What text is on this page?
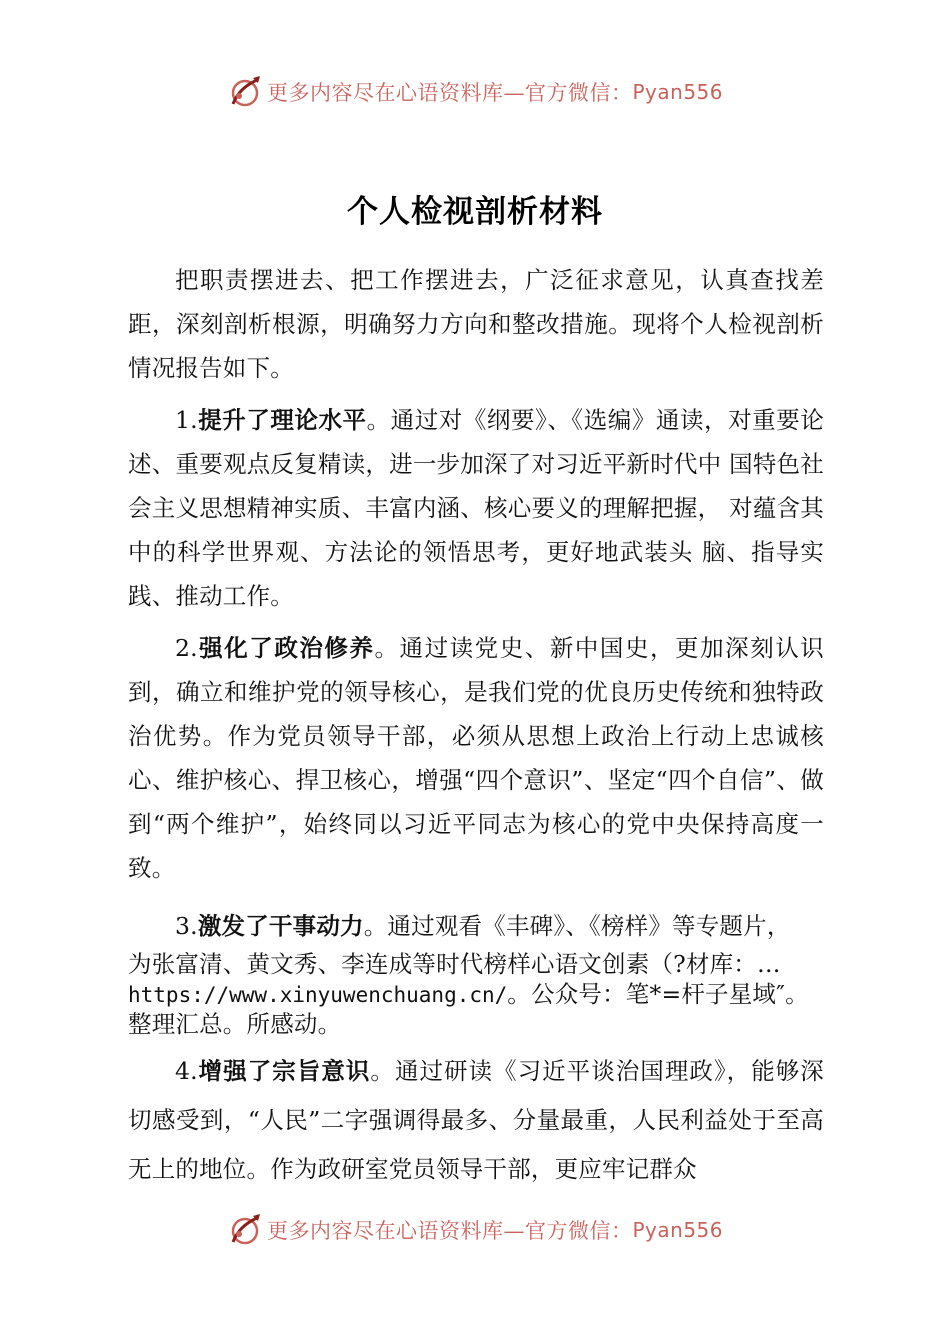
更多内容尽在心语资料库—官方微信： Pyan556
个人检视剖析材料

把职责摆进去、把工作摆进去，广泛征求意见，认真查找差距，深刻剖析根源，明确努力方向和整改措施。现将个人检视剖析情况报告如下。

1.提升了理论水平。通过对《纲要》、《选编》通读，对重要论述、重要观点反复精读，进一步加深了对习近平新时代中 国特色社会主义思想精神实质、丰富内涵、核心要义的理解把握， 对蕴含其中的科学世界观、方法论的领悟思考，更好地武装头 脑、指导实践、推动工作。

2.强化了政治修养。通过读党史、新中国史，更加深刻认识到，确立和维护党的领导核心，是我们党的优良历史传统和独特政治优势。作为党员领导干部，必须从思想上政治上行动上忠诚核心、维护核心、捍卫核心，增强“四个意识”、坚定“四个自信”、做到“两个维护”，始终同以习近平同志为核心的党中央保持高度一致。

3.激发了干事动力。通过观看《丰碑》、《榜样》等专题片，
为张富清、黄文秀、李连成等时代榜样心语文创素（?材库：…
https://www.xinyuwenchuang.cn/。公众号：笔*=杆子星域″。
整理汇总。所感动。

4.增强了宗旨意识。通过研读《习近平谈治国理政》，能够深切感受到，“人民”二字强调得最多、分量最重，人民利益处于至高无上的地位。作为政研室党员领导干部，更应牢记群众

更多内容尽在心语资料库—官方微信： Pyan556
